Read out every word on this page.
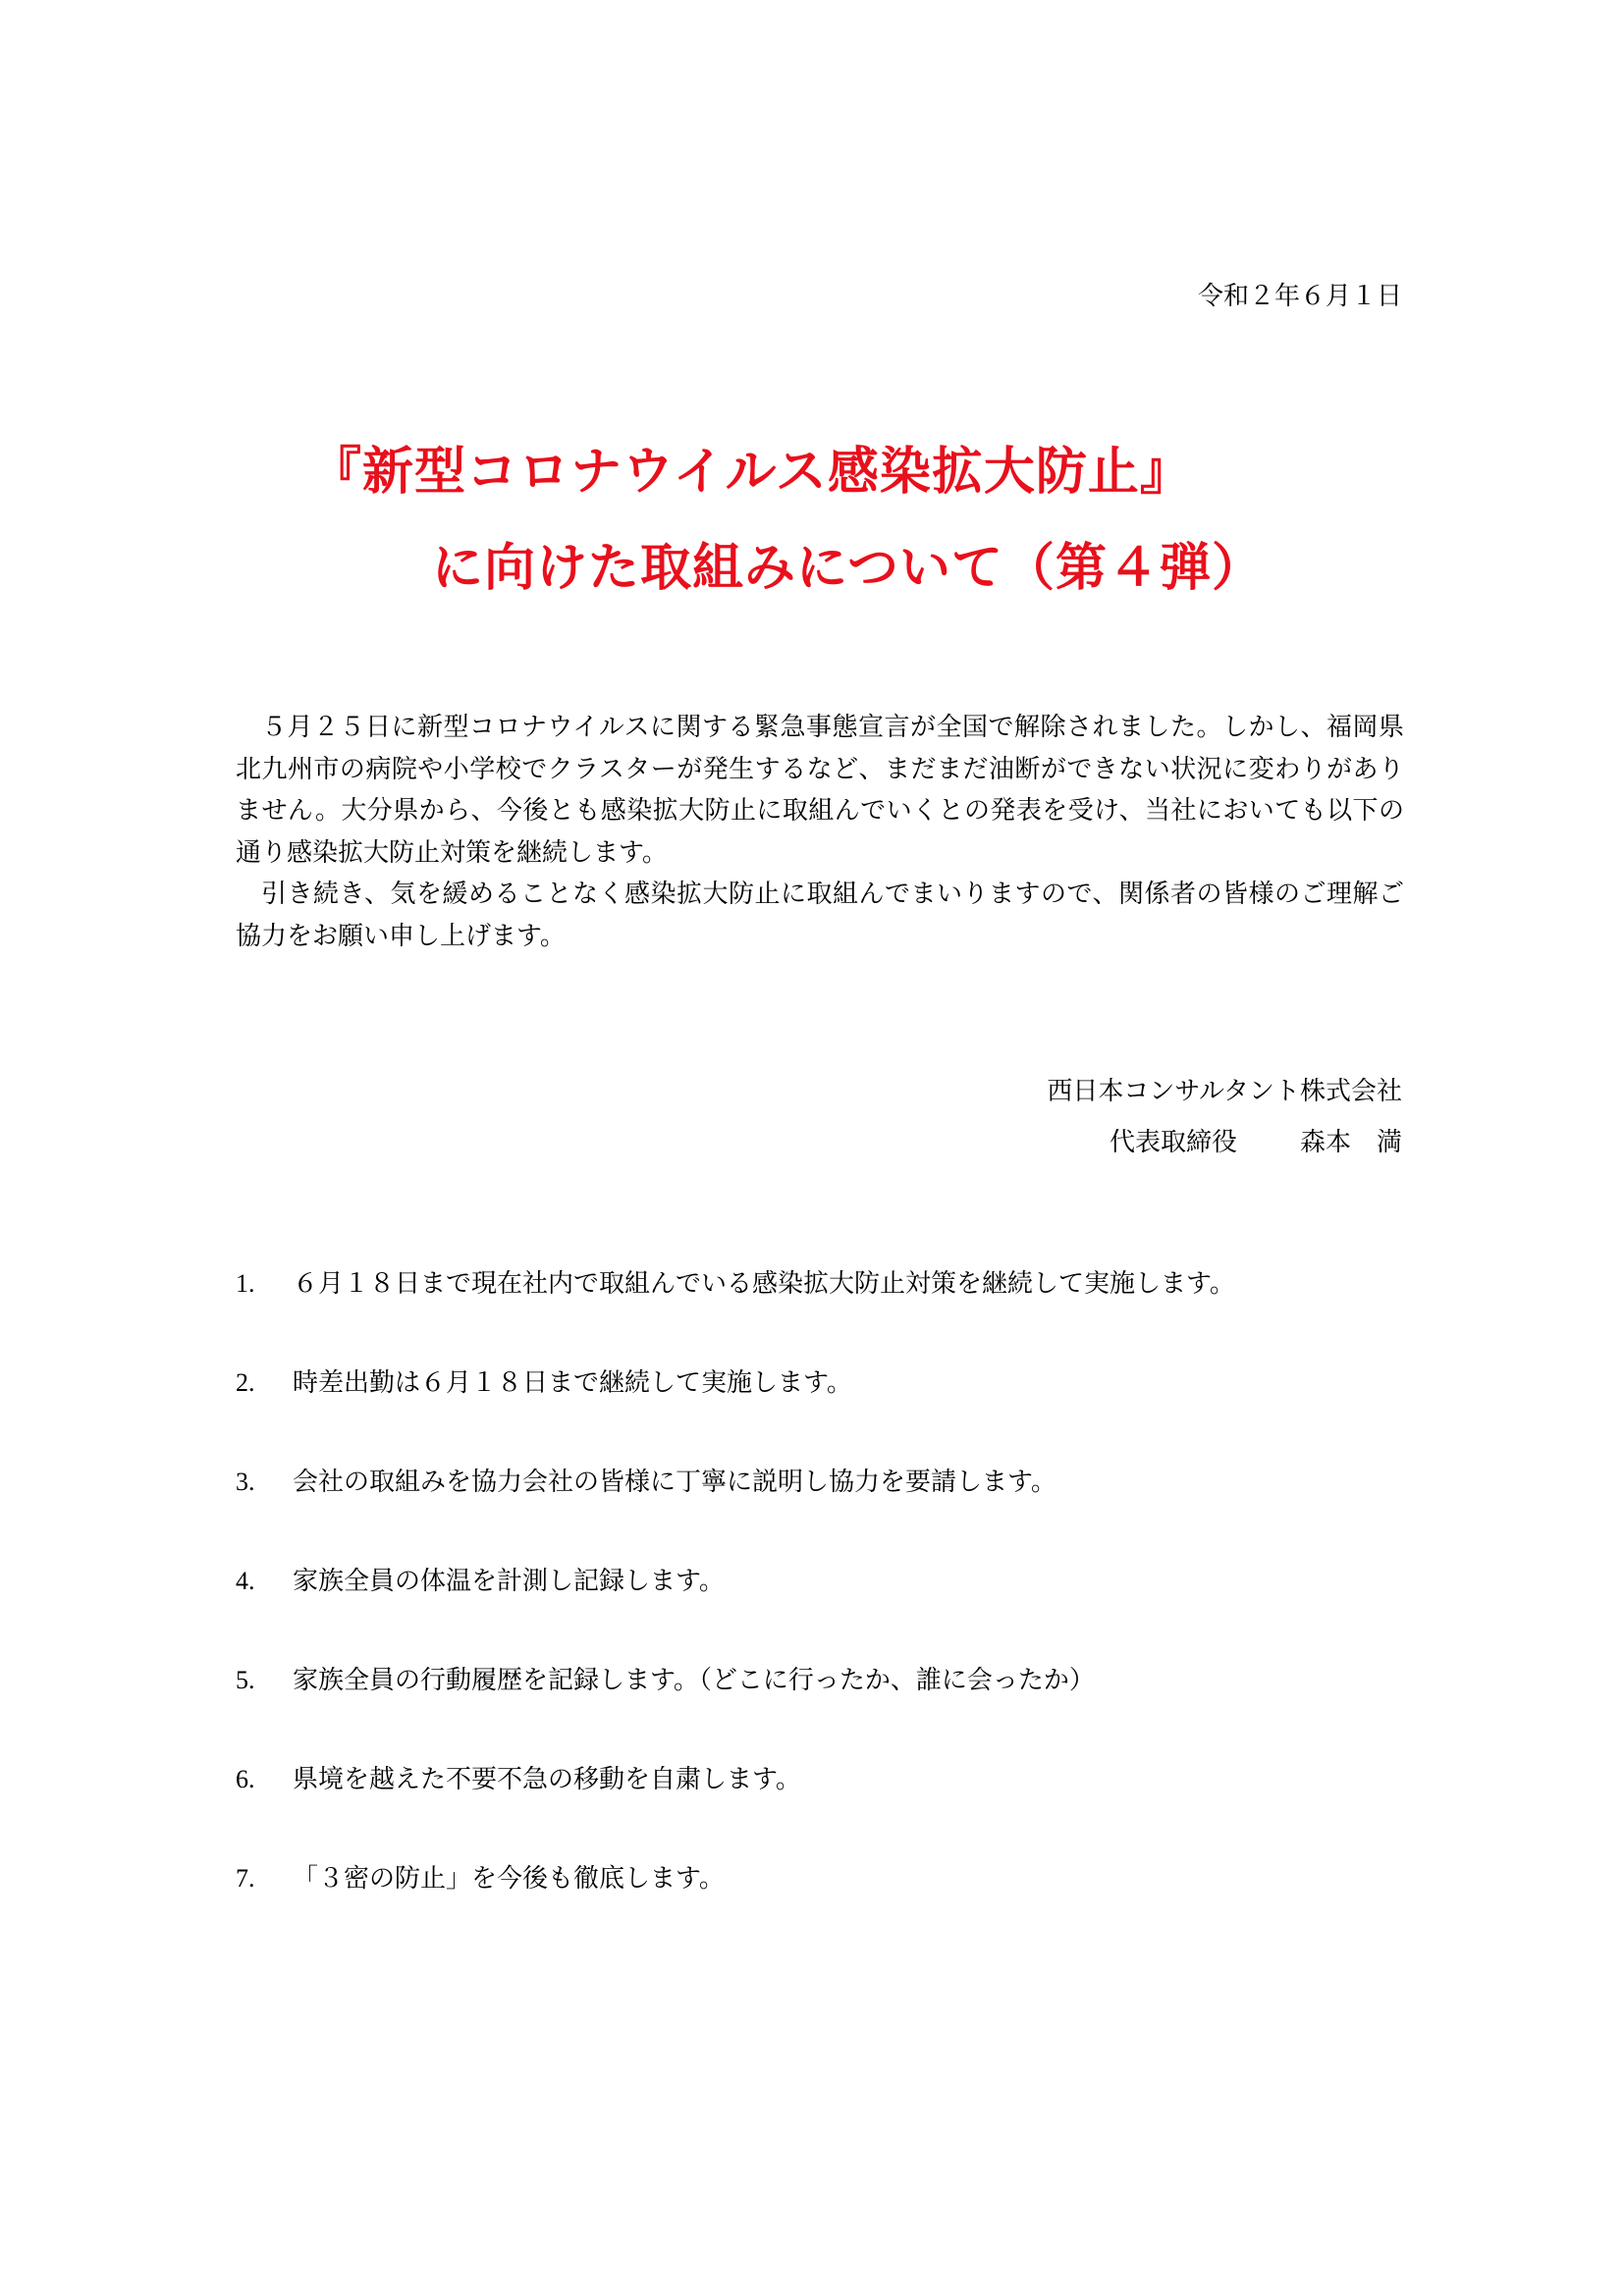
令和２年６月１日
『新型コロナウイルス感染拡大防止』
に向けた取組みについて（第４弾）

５月２５日に新型コロナウイルスに関する緊急事態宣言が全国で解除されました。しかし、福岡県北九州市の病院や小学校でクラスターが発生するなど、まだまだ油断ができない状況に変わりがありません。大分県から、今後とも感染拡大防止に取組んでいくとの発表を受け、当社においても以下の通り感染拡大防止対策を継続します。

引き続き、気を緩めることなく感染拡大防止に取組んでまいりますので、関係者の皆様のご理解ご協力をお願い申し上げます。

西日本コンサルタント株式会社
代表取締役 森本 満
1.	６月１８日まで現在社内で取組んでいる感染拡大防止対策を継続して実施します。
2.	時差出勤は６月１８日まで継続して実施します。
3.	会社の取組みを協力会社の皆様に丁寧に説明し協力を要請します。
4.	家族全員の体温を計測し記録します。
5.	家族全員の行動履歴を記録します。（どこに行ったか、誰に会ったか）
6.	県境を越えた不要不急の移動を自粛します。
7.	「３密の防止」を今後も徹底します。
